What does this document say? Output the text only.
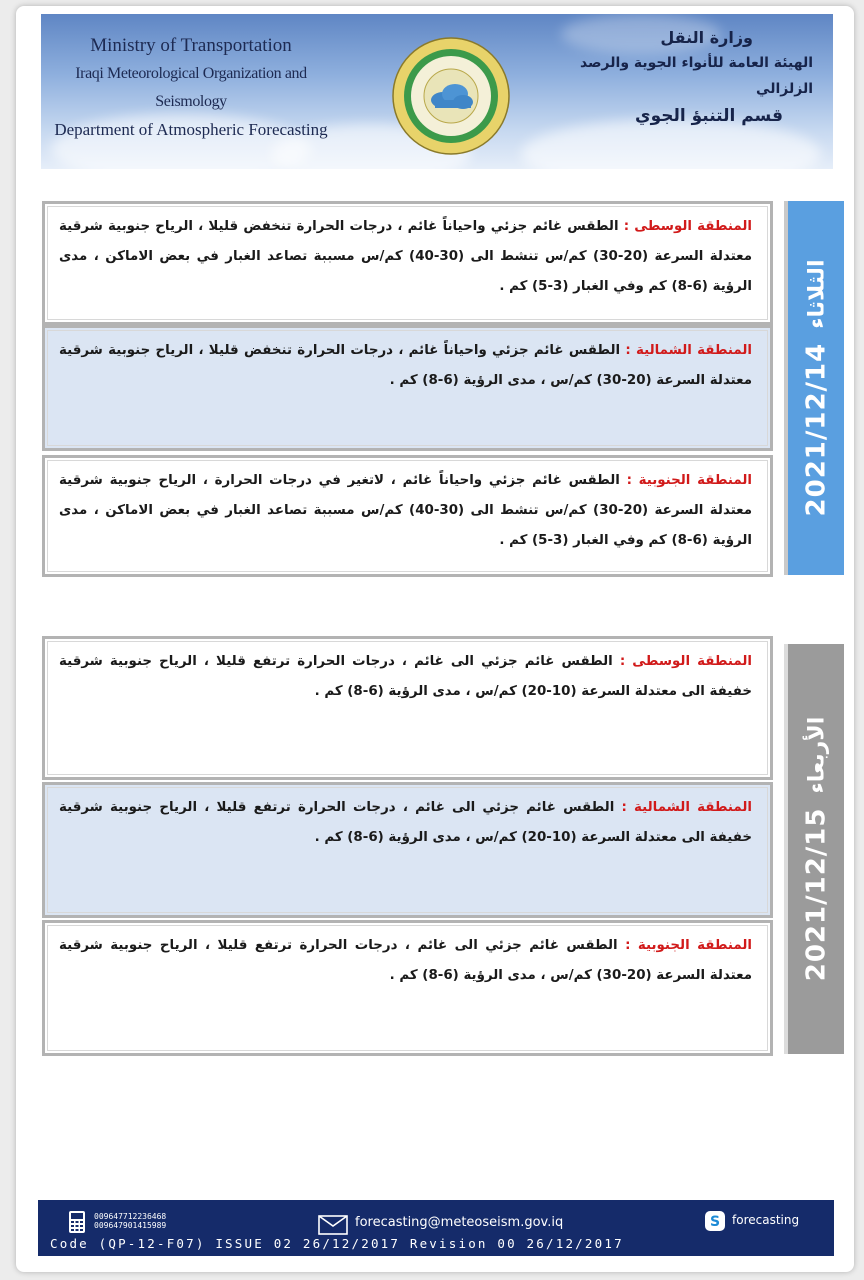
Ministry of Transportation
Iraqi Meteorological Organization and Seismology
Department of Atmospheric Forecasting
وزارة النقل
الهيئة العامة للأنواء الجوية والرصد الزلزالي
قسم التنبؤ الجوي
2021/12/14
الثلاثاء
المنطقة الوسطى : الطقس غائم جزئي واحياناً غائم ، درجات الحرارة تنخفض قليلا ، الرياح جنوبية شرقية معتدلة السرعة (20-30) كم/س تنشط الى (30-40) كم/س مسببة تصاعد الغبار في بعض الاماكن ، مدى الرؤية (6-8) كم وفي الغبار (3-5) كم .
المنطقة الشمالية : الطقس غائم جزئي واحياناً غائم ، درجات الحرارة تنخفض قليلا ، الرياح جنوبية شرقية معتدلة السرعة (20-30) كم/س ، مدى الرؤية (6-8) كم .
المنطقة الجنوبية : الطقس غائم جزئي واحياناً غائم ، لاتغير في درجات الحرارة ، الرياح جنوبية شرقية معتدلة السرعة (20-30) كم/س تنشط الى (30-40) كم/س مسببة تصاعد الغبار في بعض الاماكن ، مدى الرؤية (6-8) كم وفي الغبار (3-5) كم .
2021/12/15
الأربعاء
المنطقة الوسطى : الطقس غائم جزئي الى غائم ، درجات الحرارة ترتفع قليلا ، الرياح جنوبية شرقية خفيفة الى معتدلة السرعة (10-20) كم/س ، مدى الرؤية (6-8) كم .
المنطقة الشمالية : الطقس غائم جزئي الى غائم ، درجات الحرارة ترتفع قليلا ، الرياح جنوبية شرقية خفيفة الى معتدلة السرعة (10-20) كم/س ، مدى الرؤية (6-8) كم .
المنطقة الجنوبية : الطقس غائم جزئي الى غائم ، درجات الحرارة ترتفع قليلا ، الرياح جنوبية شرقية معتدلة السرعة (20-30) كم/س ، مدى الرؤية (6-8) كم .
009647712236468
009647901415989	forecasting@meteoseism.gov.iq	S forecasting
Code (QP-12-F07) ISSUE 02 26/12/2017 Revision 00 26/12/2017
